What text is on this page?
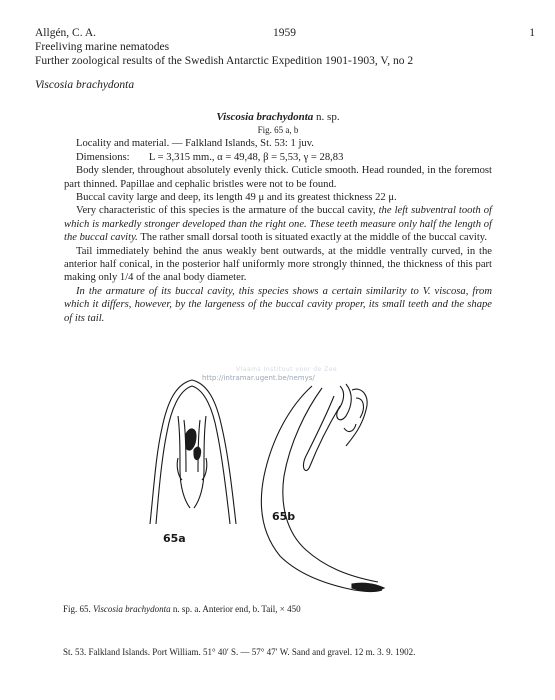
Allgén, C. A.	1959	1
Freeliving marine nematodes
Further zoological results of the Swedish Antarctic Expedition 1901-1903, V, no 2
Viscosia brachydonta
Viscosia brachydonta n. sp.
Fig. 65 a, b

Locality and material. — Falkland Islands, St. 53: 1 juv.

Dimensions: L = 3,315 mm., α = 49,48, β = 5,53, γ = 28,83

Body slender, throughout absolutely evenly thick. Cuticle smooth. Head rounded, in the foremost part thinned. Papillae and cephalic bristles were not to be found.

Buccal cavity large and deep, its length 49 μ and its greatest thickness 22 μ.

Very characteristic of this species is the armature of the buccal cavity, the left subventral tooth of which is markedly stronger developed than the right one. These teeth measure only half the length of the buccal cavity. The rather small dorsal tooth is situated exactly at the middle of the buccal cavity.

Tail immediately behind the anus weakly bent outwards, at the middle ventrally curved, in the anterior half conical, in the posterior half uniformly more strongly thinned, the thickness of this part making only 1/4 of the anal body diameter.

In the armature of its buccal cavity, this species shows a certain similarity to V. viscosa, from which it differs, however, by the largeness of the buccal cavity proper, its small teeth and the shape of its tail.

Vlaams Instituut voor de Zee
http://intramar.ugent.be/nemys/
65a
65b
Fig. 65. Viscosia brachydonta n. sp. a. Anterior end, b. Tail, × 450
St. 53. Falkland Islands. Port William. 51° 40′ S. — 57° 47′ W. Sand and gravel. 12 m. 3. 9. 1902.
